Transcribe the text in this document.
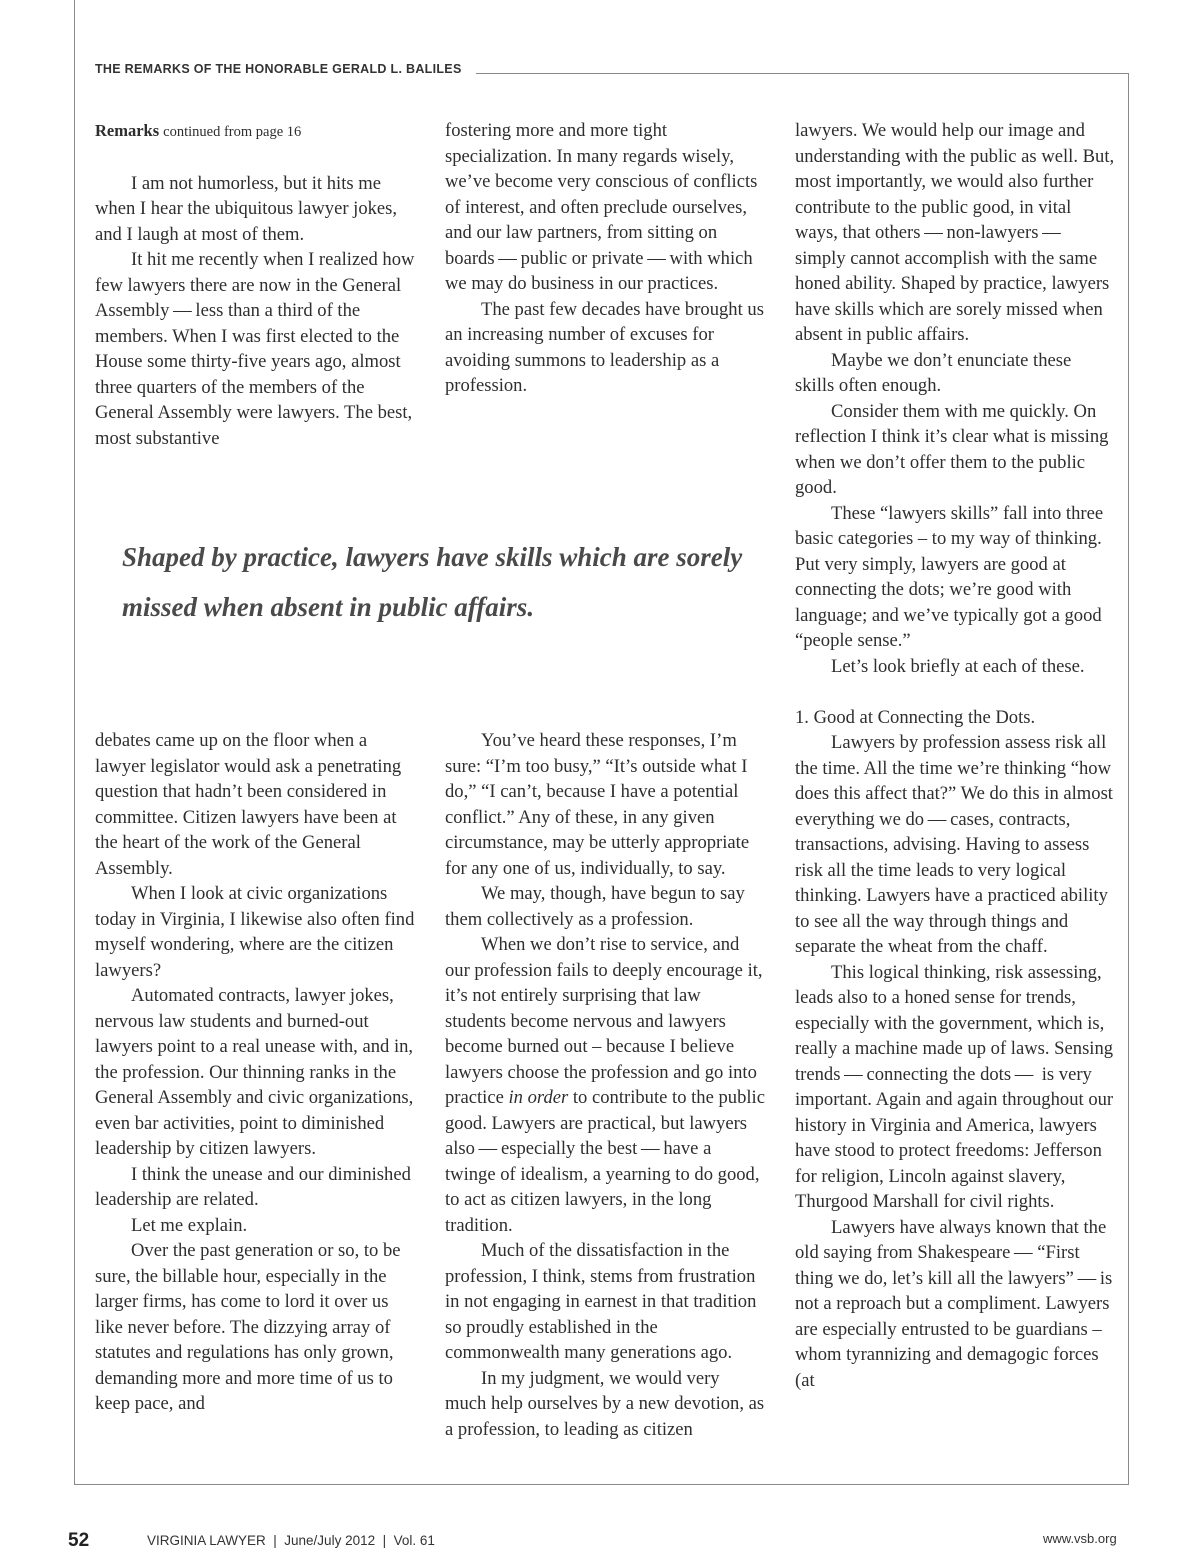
THE REMARKS OF THE HONORABLE GERALD L. BALILES

Remarks continued from page 16

I am not humorless, but it hits me when I hear the ubiquitous lawyer jokes, and I laugh at most of them.

It hit me recently when I realized how few lawyers there are now in the General Assembly — less than a third of the members. When I was first elected to the House some thirty-five years ago, almost three quarters of the members of the General Assembly were lawyers. The best, most substantive

fostering more and more tight specialization. In many regards wisely, we’ve become very conscious of conflicts of interest, and often preclude ourselves, and our law partners, from sitting on boards — public or private — with which we may do business in our practices.

The past few decades have brought us an increasing number of excuses for avoiding summons to leadership as a profession.

Shaped by practice, lawyers have skills which are sorely missed when absent in public affairs.

lawyers. We would help our image and understanding with the public as well. But, most importantly, we would also further contribute to the public good, in vital ways, that others — non-lawyers — simply cannot accomplish with the same honed ability. Shaped by practice, lawyers have skills which are sorely missed when absent in public affairs.

Maybe we don’t enunciate these skills often enough.

Consider them with me quickly. On reflection I think it’s clear what is missing when we don’t offer them to the public good.

These “lawyers skills” fall into three basic categories – to my way of thinking. Put very simply, lawyers are good at connecting the dots; we’re good with language; and we’ve typically got a good “people sense.”

Let’s look briefly at each of these.

1. Good at Connecting the Dots.

Lawyers by profession assess risk all the time. All the time we’re thinking “how does this affect that?” We do this in almost everything we do — cases, contracts, transactions, advising. Having to assess risk all the time leads to very logical thinking. Lawyers have a practiced ability to see all the way through things and separate the wheat from the chaff.

This logical thinking, risk assessing, leads also to a honed sense for trends, especially with the government, which is, really a machine made up of laws. Sensing trends — connecting the dots —  is very important. Again and again throughout our history in Virginia and America, lawyers have stood to protect freedoms: Jefferson for religion, Lincoln against slavery, Thurgood Marshall for civil rights.

Lawyers have always known that the old saying from Shakespeare — “First thing we do, let’s kill all the lawyers” — is not a reproach but a compliment. Lawyers are especially entrusted to be guardians – whom tyrannizing and demagogic forces (at

debates came up on the floor when a lawyer legislator would ask a penetrating question that hadn’t been considered in committee. Citizen lawyers have been at the heart of the work of the General Assembly.

When I look at civic organizations today in Virginia, I likewise also often find myself wondering, where are the citizen lawyers?

Automated contracts, lawyer jokes, nervous law students and burned-out lawyers point to a real unease with, and in, the profession. Our thinning ranks in the General Assembly and civic organizations, even bar activities, point to diminished leadership by citizen lawyers.

I think the unease and our diminished leadership are related.

Let me explain.

Over the past generation or so, to be sure, the billable hour, especially in the larger firms, has come to lord it over us like never before. The dizzying array of statutes and regulations has only grown, demanding more and more time of us to keep pace, and

You’ve heard these responses, I’m sure: “I’m too busy,” “It’s outside what I do,” “I can’t, because I have a potential conflict.” Any of these, in any given circumstance, may be utterly appropriate for any one of us, individually, to say.

We may, though, have begun to say them collectively as a profession.

When we don’t rise to service, and our profession fails to deeply encourage it, it’s not entirely surprising that law students become nervous and lawyers become burned out – because I believe lawyers choose the profession and go into practice in order to contribute to the public good. Lawyers are practical, but lawyers also — especially the best — have a twinge of idealism, a yearning to do good, to act as citizen lawyers, in the long tradition.

Much of the dissatisfaction in the profession, I think, stems from frustration in not engaging in earnest in that tradition so proudly established in the commonwealth many generations ago.

In my judgment, we would very much help ourselves by a new devotion, as a profession, to leading as citizen

52	VIRGINIA LAWYER  |  June/July 2012  |  Vol. 61	www.vsb.org
